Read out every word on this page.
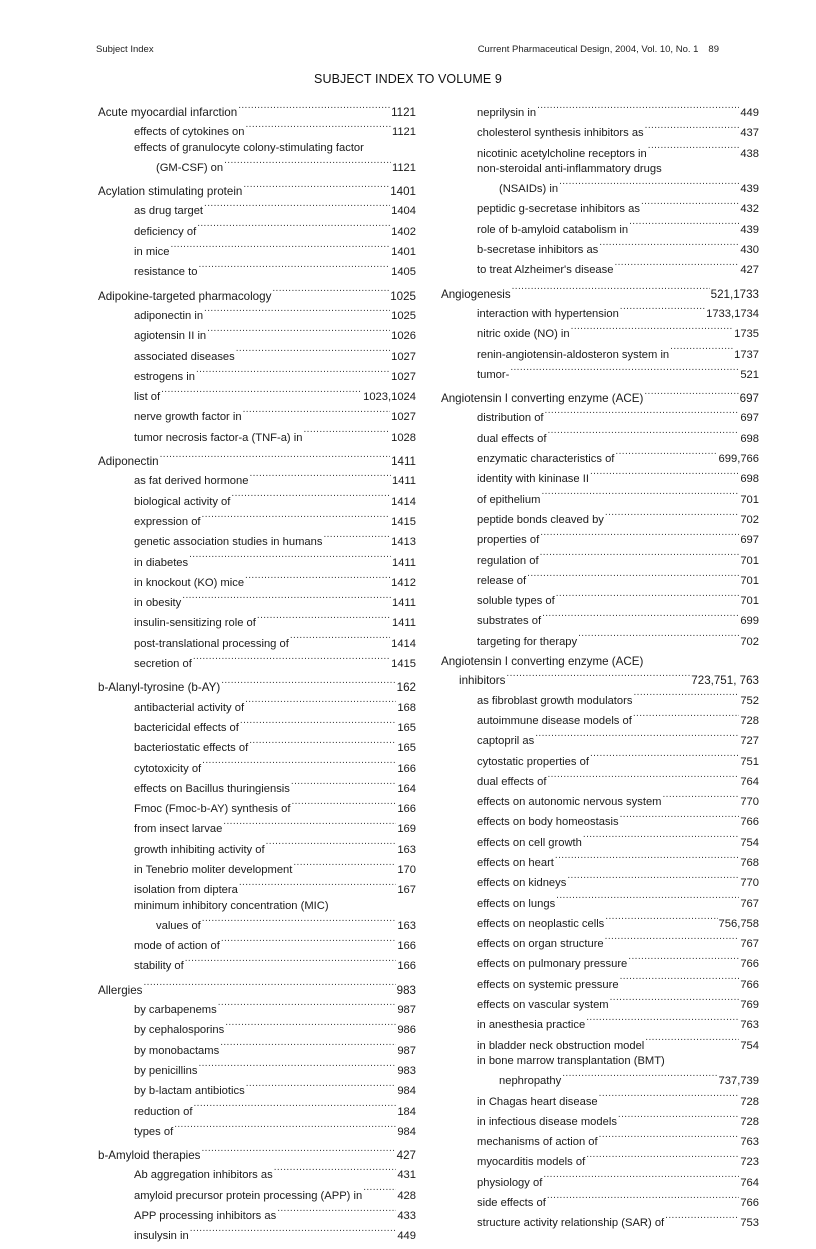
Subject Index	Current Pharmaceutical Design, 2004, Vol. 10, No. 1 89
SUBJECT INDEX TO VOLUME 9
Acute myocardial infarction .....	1121
effects of cytokines on .....	1121
effects of granulocyte colony-stimulating factor
(GM-CSF) on .....	1121
Acylation stimulating protein .....	1401
as drug target .....	1404
deficiency of .....	1402
in mice .....	1401
resistance to .....	1405
Adipokine-targeted pharmacology .....	1025
adiponectin in .....	1025
agiotensin II in .....	1026
associated diseases .....	1027
estrogens in .....	1027
list of .....	1023,1024
nerve growth factor in .....	1027
tumor necrosis factor-a (TNF-a) in .....	1028
Adiponectin .....	1411
as fat derived hormone .....	1411
biological activity of .....	1414
expression of .....	1415
genetic association studies in humans .....	1413
in diabetes .....	1411
in knockout (KO) mice .....	1412
in obesity .....	1411
insulin-sensitizing role of .....	1411
post-translational processing of .....	1414
secretion of .....	1415
b-Alanyl-tyrosine (b-AY) .....	162
antibacterial activity of .....	168
bactericidal effects of .....	165
bacteriostatic effects of .....	165
cytotoxicity of .....	166
effects on Bacillus thuringiensis .....	164
Fmoc (Fmoc-b-AY) synthesis of .....	166
from insect larvae .....	169
growth inhibiting activity of .....	163
in Tenebrio moliter development .....	170
isolation from diptera .....	167
minimum inhibitory concentration (MIC)
values of .....	163
mode of action of .....	166
stability of .....	166
Allergies .....	983
by carbapenems .....	987
by cephalosporins .....	986
by monobactams .....	987
by penicillins .....	983
by b-lactam antibiotics .....	984
reduction of .....	184
types of .....	984
b-Amyloid therapies .....	427
Ab aggregation inhibitors as .....	431
amyloid precursor protein processing (APP) in .....	428
APP processing inhibitors as .....	433
insulysin in .....	449
neprilysin in .....	449
cholesterol synthesis inhibitors as .....	437
nicotinic acetylcholine receptors in .....	438
non-steroidal anti-inflammatory drugs
(NSAIDs) in .....	439
peptidic g-secretase inhibitors as .....	432
role of b-amyloid catabolism in .....	439
b-secretase inhibitors as .....	430
to treat Alzheimer's disease .....	427
Angiogenesis .....	521,1733
interaction with hypertension .....	1733,1734
nitric oxide (NO) in .....	1735
renin-angiotensin-aldosteron system in .....	1737
tumor- .....	521
Angiotensin I converting enzyme (ACE) .....	697
distribution of .....	697
dual effects of .....	698
enzymatic characteristics of .....	699,766
identity with kininase II .....	698
of epithelium .....	701
peptide bonds cleaved by .....	702
properties of .....	697
regulation of .....	701
release of .....	701
soluble types of .....	701
substrates of .....	699
targeting for therapy .....	702
Angiotensin I converting enzyme (ACE)
inhibitors .....	723,751, 763
as fibroblast growth modulators .....	752
autoimmune disease models of .....	728
captopril as .....	727
cytostatic properties of .....	751
dual effects of .....	764
effects on autonomic nervous system .....	770
effects on body homeostasis .....	766
effects on cell growth .....	754
effects on heart .....	768
effects on kidneys .....	770
effects on lungs .....	767
effects on neoplastic cells .....	756,758
effects on organ structure .....	767
effects on pulmonary pressure .....	766
effects on systemic pressure .....	766
effects on vascular system .....	769
in anesthesia practice .....	763
in bladder neck obstruction model .....	754
in bone marrow transplantation (BMT)
nephropathy .....	737,739
in Chagas heart disease .....	728
in infectious disease models .....	728
mechanisms of action of .....	763
myocarditis models of .....	723
physiology of .....	764
side effects of .....	766
structure activity relationship (SAR) of .....	753
